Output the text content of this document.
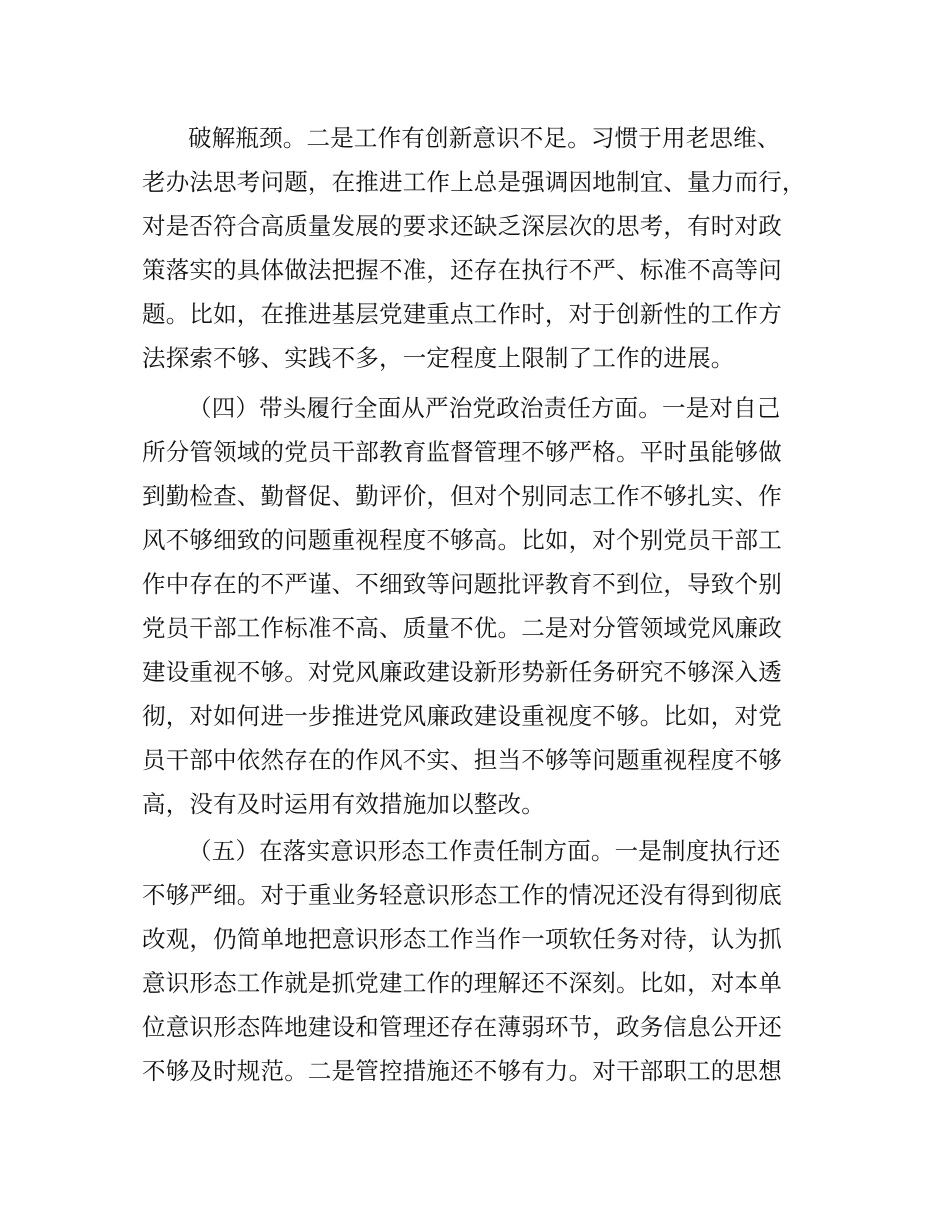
破解瓶颈。二是工作有创新意识不足。习惯于用老思维、
老办法思考问题，在推进工作上总是强调因地制宜、量力而行，
对是否符合高质量发展的要求还缺乏深层次的思考，有时对政
策落实的具体做法把握不准，还存在执行不严、标准不高等问
题。比如，在推进基层党建重点工作时，对于创新性的工作方
法探索不够、实践不多，一定程度上限制了工作的进展。
（四）带头履行全面从严治党政治责任方面。一是对自己
所分管领域的党员干部教育监督管理不够严格。平时虽能够做
到勤检查、勤督促、勤评价，但对个别同志工作不够扎实、作
风不够细致的问题重视程度不够高。比如，对个别党员干部工
作中存在的不严谨、不细致等问题批评教育不到位，导致个别
党员干部工作标准不高、质量不优。二是对分管领域党风廉政
建设重视不够。对党风廉政建设新形势新任务研究不够深入透
彻，对如何进一步推进党风廉政建设重视度不够。比如，对党
员干部中依然存在的作风不实、担当不够等问题重视程度不够
高，没有及时运用有效措施加以整改。
（五）在落实意识形态工作责任制方面。一是制度执行还
不够严细。对于重业务轻意识形态工作的情况还没有得到彻底
改观，仍简单地把意识形态工作当作一项软任务对待，认为抓
意识形态工作就是抓党建工作的理解还不深刻。比如，对本单
位意识形态阵地建设和管理还存在薄弱环节，政务信息公开还
不够及时规范。二是管控措施还不够有力。对干部职工的思想
